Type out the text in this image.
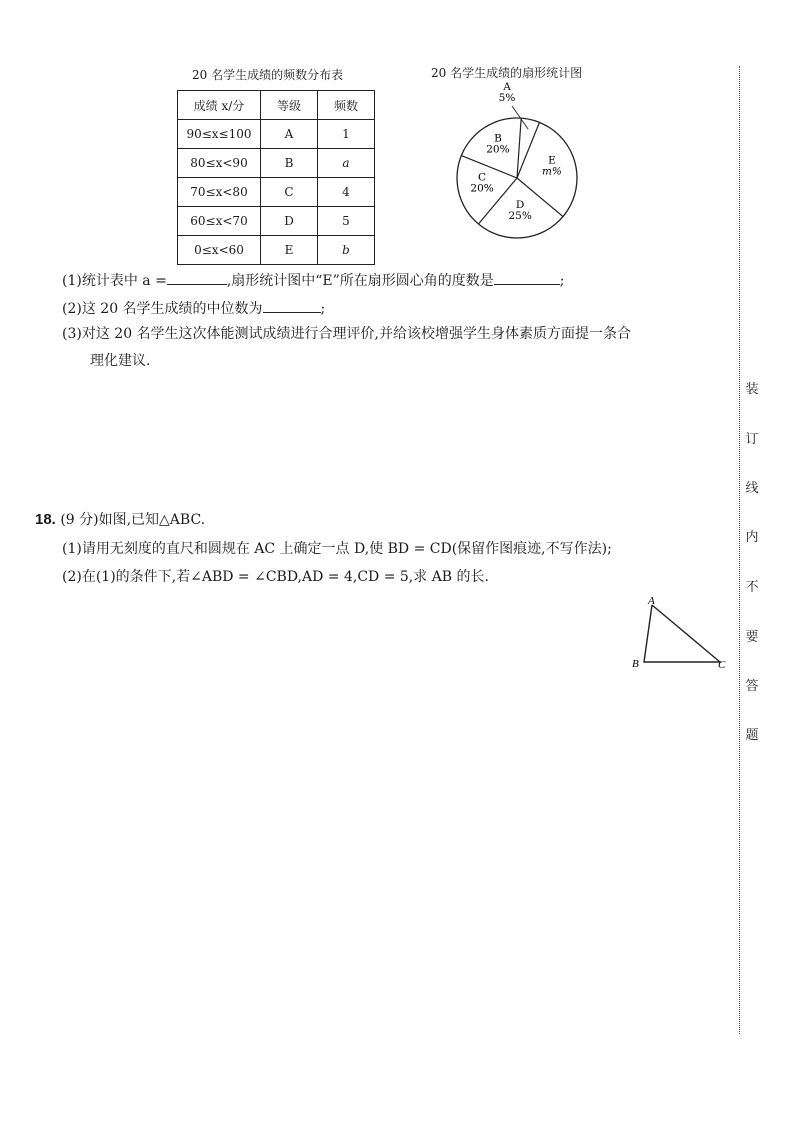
20 名学生成绩的频数分布表
成绩 x/分	等级	频数
90≤x≤100	A	1
80≤x<90	B	a
70≤x<80	C	4
60≤x<70	D	5
0≤x<60	E	b
20 名学生成绩的扇形统计图
A
5%
E
m%
D
25%
C
20%
B
20%
(1)统计表中 a =	,扇形统计图中“E”所在扇形圆心角的度数是	;
(2)这 20 名学生成绩的中位数为	;
(3)对这 20 名学生这次体能测试成绩进行合理评价,并给该校增强学生身体素质方面提一条合
理化建议.
18. (9 分)如图,已知△ABC.
(1)请用无刻度的直尺和圆规在 AC 上确定一点 D,使 BD = CD(保留作图痕迹,不写作法);
(2)在(1)的条件下,若∠ABD = ∠CBD,AD = 4,CD = 5,求 AB 的长.
A
B	C
装
订
线
内
不
要
答
题
